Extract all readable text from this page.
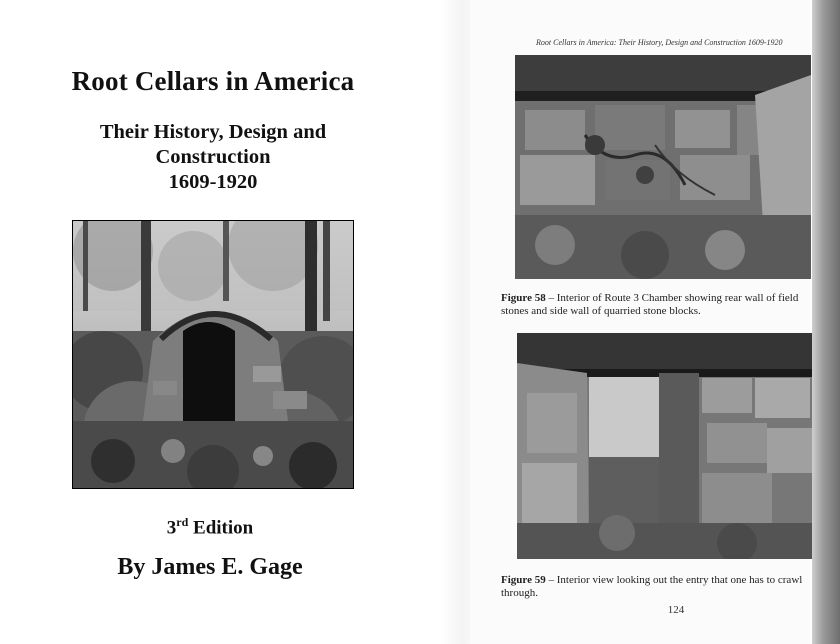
Root Cellars in America
Their History, Design and
Construction
1609-1920
3rd Edition
By James E. Gage
Root Cellars in America: Their History, Design and Construction 1609-1920
Figure 58 – Interior of Route 3 Chamber showing rear wall of field stones and side wall of quarried stone blocks.
Figure 59 – Interior view looking out the entry that one has to crawl through.
124
